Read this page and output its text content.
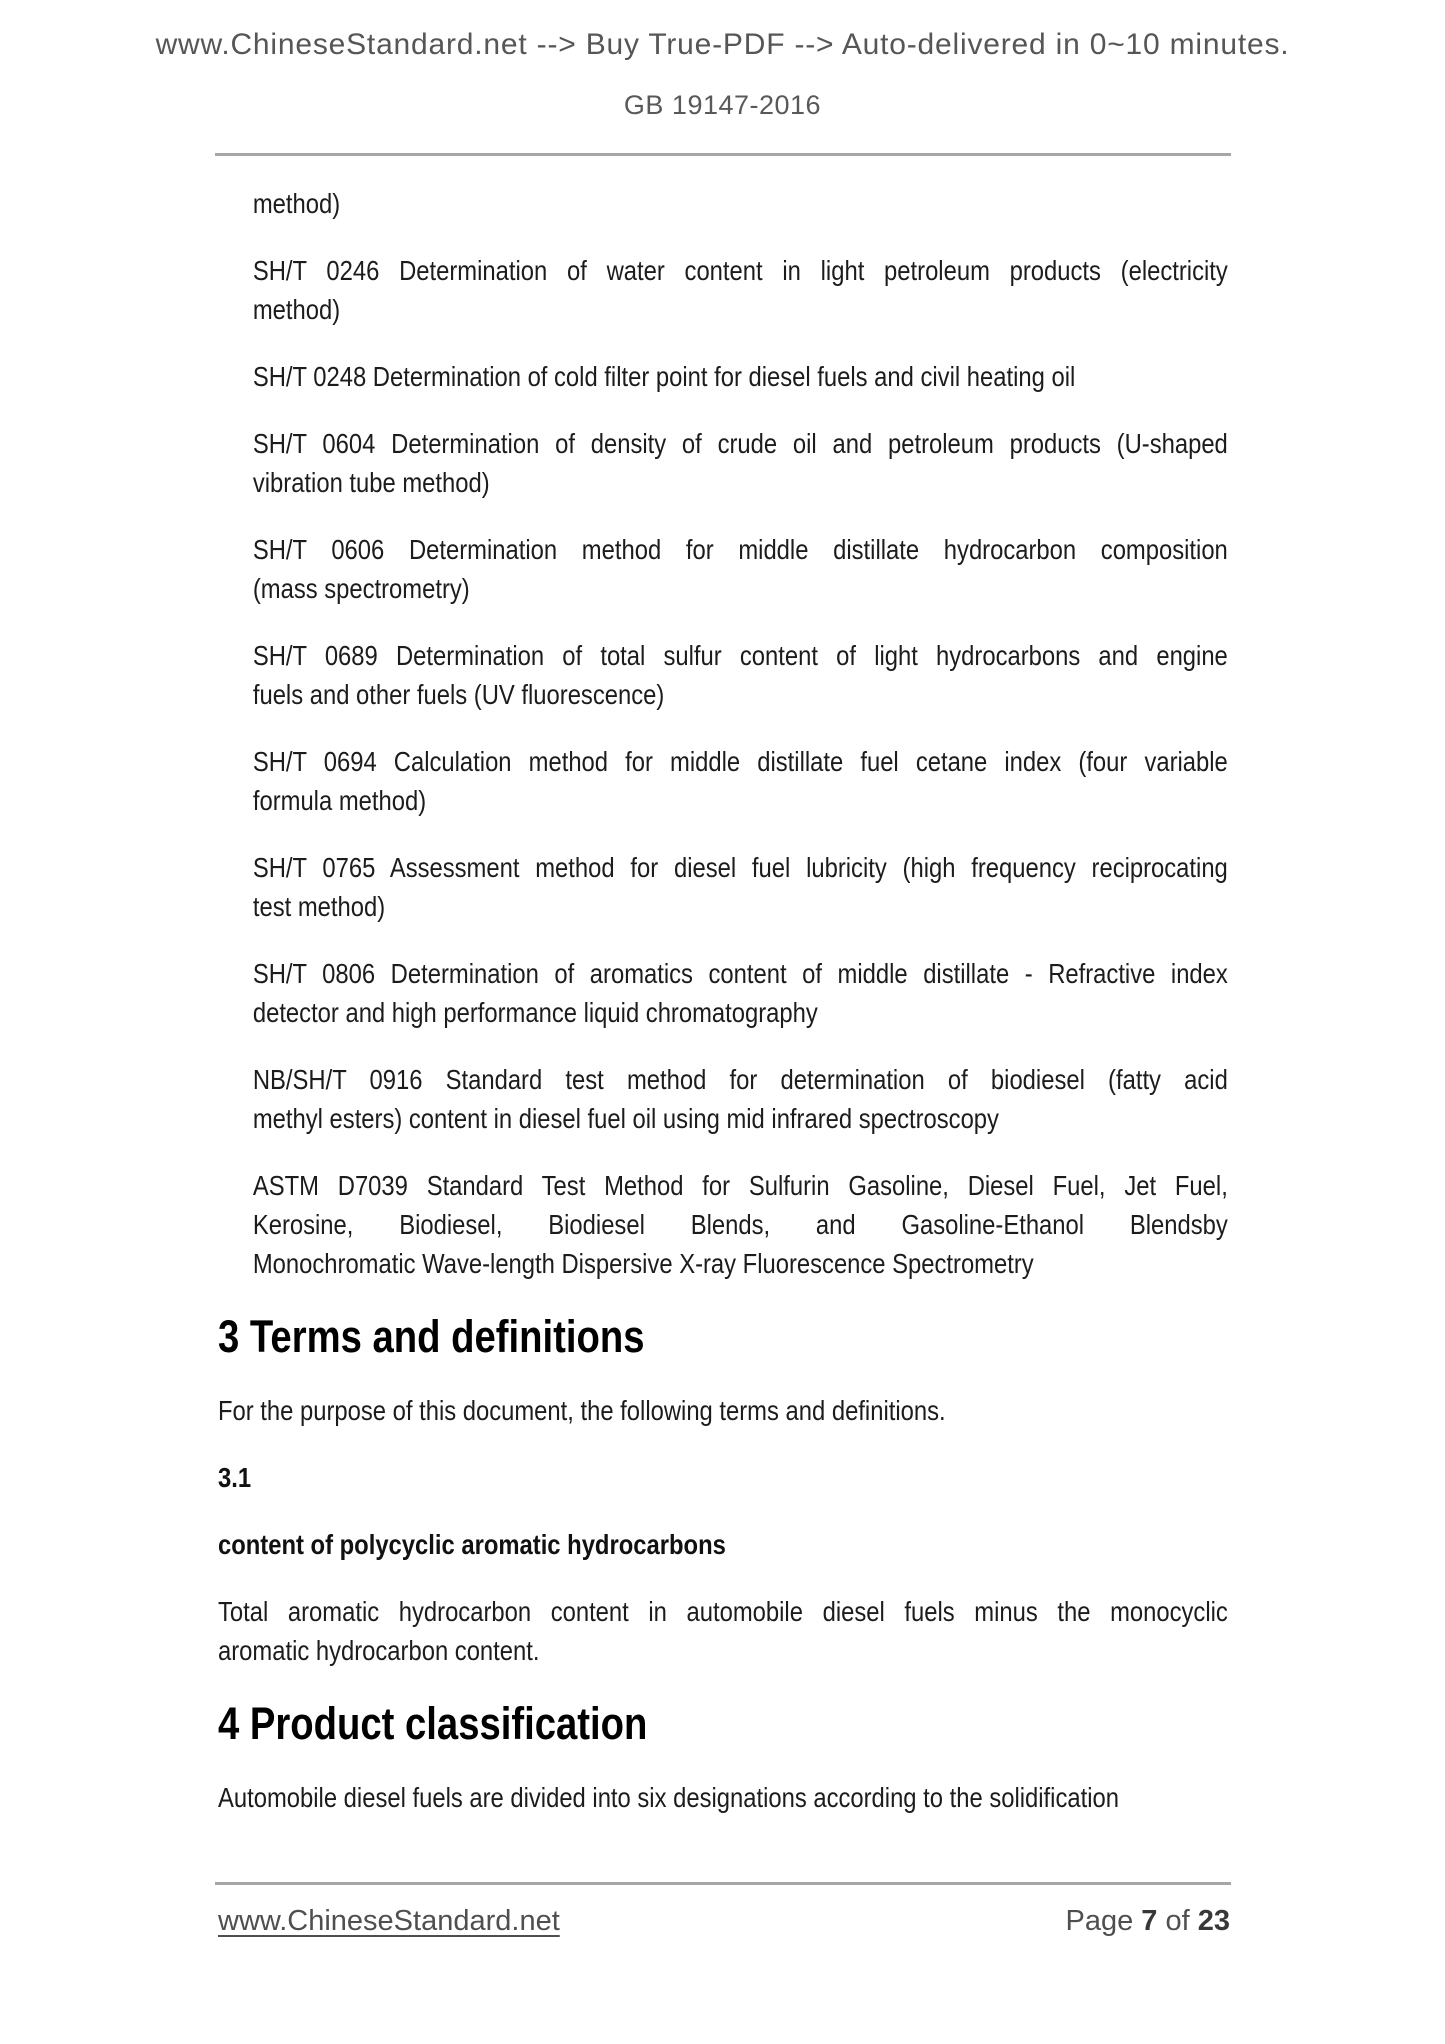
www.ChineseStandard.net --> Buy True-PDF --> Auto-delivered in 0~10 minutes.
GB 19147-2016
method)
SH/T 0246 Determination of water content in light petroleum products (electricity
method)
SH/T 0248 Determination of cold filter point for diesel fuels and civil heating oil
SH/T 0604 Determination of density of crude oil and petroleum products (U-shaped
vibration tube method)
SH/T 0606 Determination method for middle distillate hydrocarbon composition
(mass spectrometry)
SH/T 0689 Determination of total sulfur content of light hydrocarbons and engine
fuels and other fuels (UV fluorescence)
SH/T 0694 Calculation method for middle distillate fuel cetane index (four variable
formula method)
SH/T 0765 Assessment method for diesel fuel lubricity (high frequency reciprocating
test method)
SH/T 0806 Determination of aromatics content of middle distillate - Refractive index
detector and high performance liquid chromatography
NB/SH/T 0916 Standard test method for determination of biodiesel (fatty acid
methyl esters) content in diesel fuel oil using mid infrared spectroscopy
ASTM D7039 Standard Test Method for Sulfurin Gasoline, Diesel Fuel, Jet Fuel,
Kerosine, Biodiesel, Biodiesel Blends, and Gasoline-Ethanol Blendsby
Monochromatic Wave-length Dispersive X-ray Fluorescence Spectrometry
3 Terms and definitions
For the purpose of this document, the following terms and definitions.
3.1
content of polycyclic aromatic hydrocarbons
Total aromatic hydrocarbon content in automobile diesel fuels minus the monocyclic
aromatic hydrocarbon content.
4 Product classification
Automobile diesel fuels are divided into six designations according to the solidification
www.ChineseStandard.net	Page 7 of 23
